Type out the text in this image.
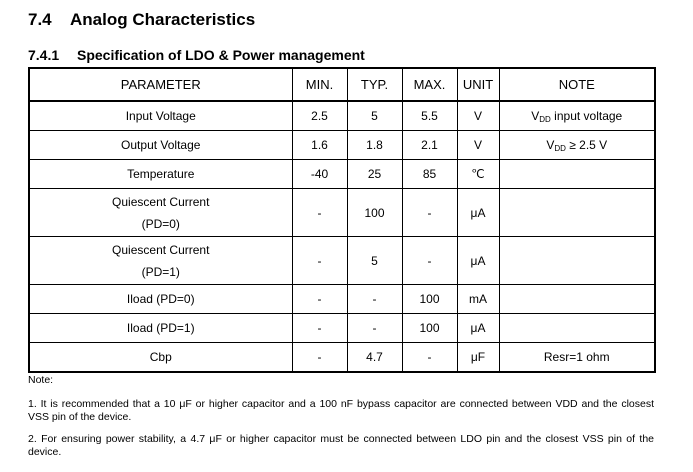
7.4 Analog Characteristics
7.4.1 Specification of LDO & Power management
PARAMETER	MIN.	TYP.	MAX.	UNIT	NOTE

Input Voltage	2.5	5	5.5	V	$V_{DD}$ input voltage

Output Voltage	1.6	1.8	2.1	V	$V_{DD} \ge 2.5$ V

Temperature	-40	25	85	℃	

Quiescent Current
(PD=0)	-	100	-	μA	

Quiescent Current
(PD=1)	-	5	-	μA	

Iload (PD=0)	-	-	100	mA	

Iload (PD=1)	-	-	100	μA	

Cbp	-	4.7	-	μF	Resr=1 ohm
Note:
1. It is recommended that a 10 μF or higher capacitor and a 100 nF bypass capacitor are connected between VDD and the closest VSS pin of the device.
2. For ensuring power stability, a 4.7 μF or higher capacitor must be connected between LDO pin and the closest VSS pin of the device.
